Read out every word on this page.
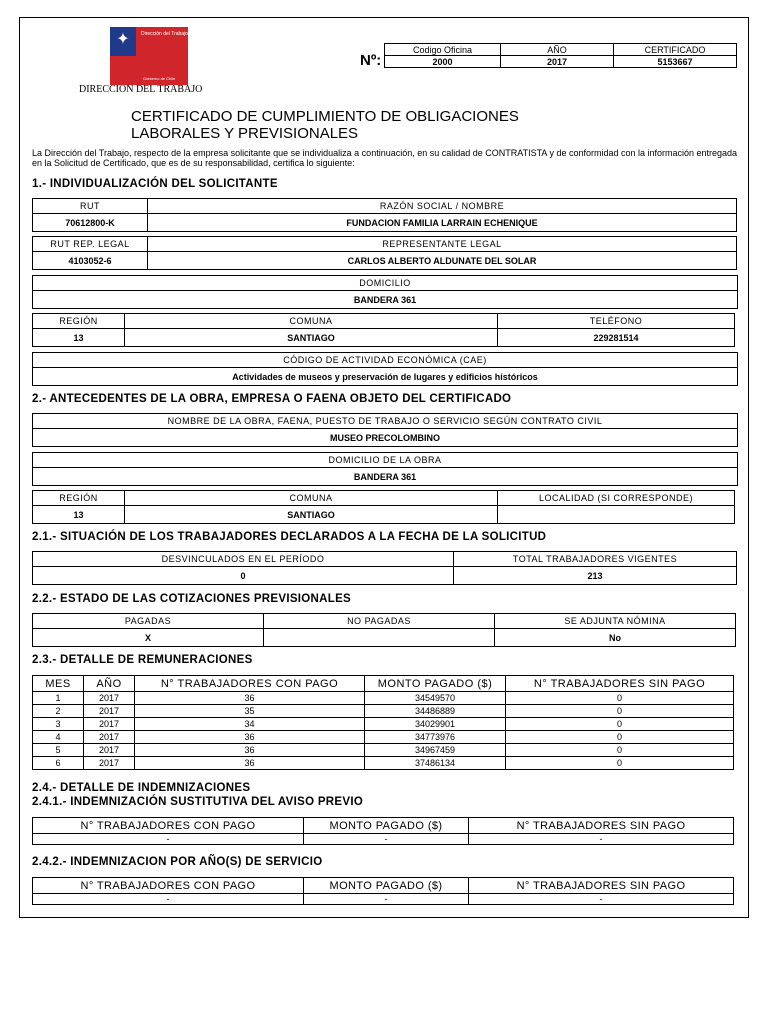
✦	Dirección del Trabajo
Gobierno de Chile
DIRECCION DEL TRABAJO
Nº:
Codigo Oficina	AÑO	CERTIFICADO
2000	2017	5153667
CERTIFICADO DE CUMPLIMIENTO DE OBLIGACIONES
LABORALES Y PREVISIONALES
La Dirección del Trabajo, respecto de la empresa solicitante que se individualiza a continuación, en su calidad de CONTRATISTA y de conformidad con la información entregada en la Solicitud de Certificado, que es de su responsabilidad, certifica lo siguiente:
1.- INDIVIDUALIZACIÓN DEL SOLICITANTE
RUT	RAZÓN SOCIAL / NOMBRE
70612800-K	FUNDACION FAMILIA LARRAIN ECHENIQUE
RUT REP. LEGAL	REPRESENTANTE LEGAL
4103052-6	CARLOS ALBERTO ALDUNATE DEL SOLAR
DOMICILIO
BANDERA 361
REGIÓN	COMUNA	TELÉFONO
13	SANTIAGO	229281514
CÓDIGO DE ACTIVIDAD ECONÓMICA (CAE)
Actividades de museos y preservación de lugares y edificios históricos
2.- ANTECEDENTES DE LA OBRA, EMPRESA O FAENA OBJETO DEL CERTIFICADO
NOMBRE DE LA OBRA, FAENA, PUESTO DE TRABAJO O SERVICIO SEGÚN CONTRATO CIVIL
MUSEO PRECOLOMBINO
DOMICILIO DE LA OBRA
BANDERA 361
REGIÓN	COMUNA	LOCALIDAD (SI CORRESPONDE)
13	SANTIAGO	
2.1.- SITUACIÓN DE LOS TRABAJADORES DECLARADOS A LA FECHA DE LA SOLICITUD
DESVINCULADOS EN EL PERÍODO	TOTAL TRABAJADORES VIGENTES
0	213
2.2.- ESTADO DE LAS COTIZACIONES PREVISIONALES
PAGADAS	NO PAGADAS	SE ADJUNTA NÓMINA
X		No
2.3.- DETALLE DE REMUNERACIONES
MES	AÑO	N° TRABAJADORES CON PAGO	MONTO PAGADO ($)	N° TRABAJADORES SIN PAGO
1	2017	36	34549570	0
2	2017	35	34486889	0
3	2017	34	34029901	0
4	2017	36	34773976	0
5	2017	36	34967459	0
6	2017	36	37486134	0
2.4.- DETALLE DE INDEMNIZACIONES
2.4.1.- INDEMNIZACIÓN SUSTITUTIVA DEL AVISO PREVIO
N° TRABAJADORES CON PAGO	MONTO PAGADO ($)	N° TRABAJADORES SIN PAGO
-	-	-
2.4.2.- INDEMNIZACION POR AÑO(S) DE SERVICIO
N° TRABAJADORES CON PAGO	MONTO PAGADO ($)	N° TRABAJADORES SIN PAGO
-	-	-
